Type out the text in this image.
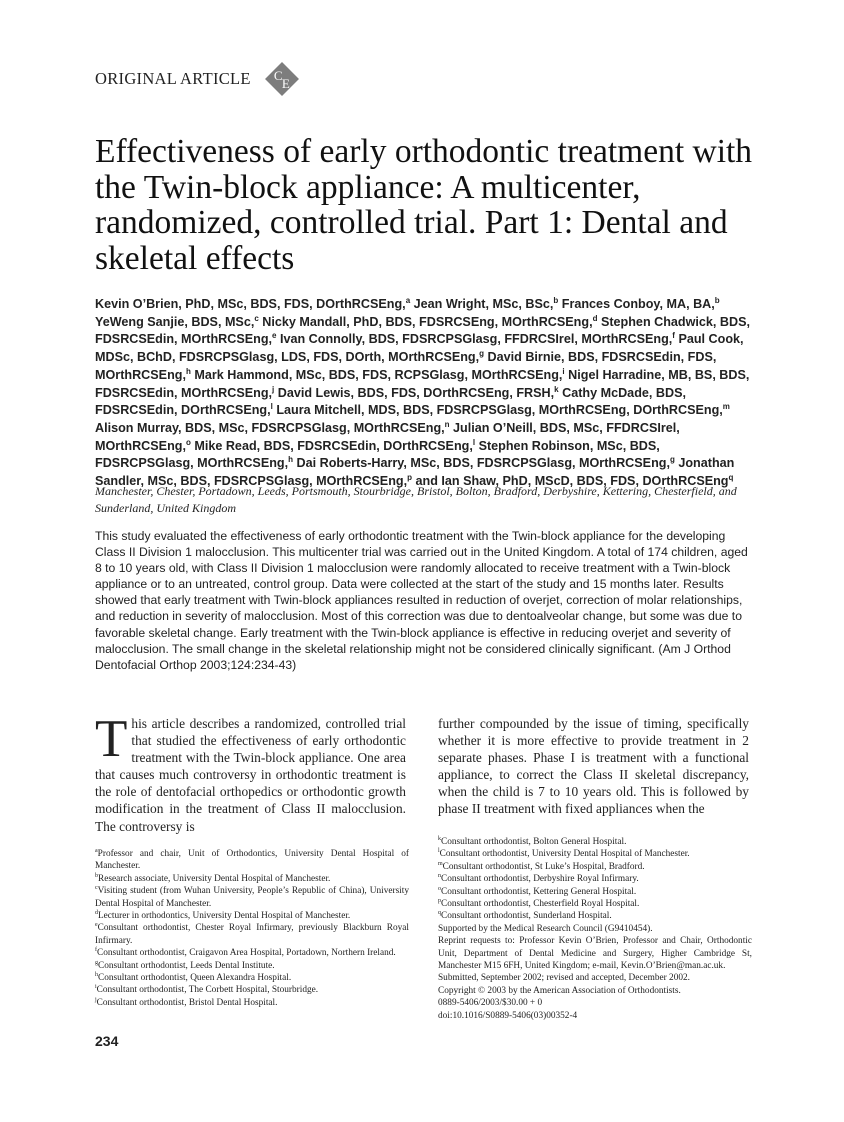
ORIGINAL ARTICLE C
E
Effectiveness of early orthodontic treatment with the Twin-block appliance: A multicenter, randomized, controlled trial. Part 1: Dental and skeletal effects
Kevin O’Brien, PhD, MSc, BDS, FDS, DOrthRCSEng,$^a$ Jean Wright, MSc, BSc,$^b$ Frances Conboy, MA, BA,$^b$ YeWeng Sanjie, BDS, MSc,$^c$ Nicky Mandall, PhD, BDS, FDSRCSEng, MOrthRCSEng,$^d$ Stephen Chadwick, BDS, FDSRCSEdin, MOrthRCSEng,$^e$ Ivan Connolly, BDS, FDSRCPSGlasg, FFDRCSIrel, MOrthRCSEng,$^f$ Paul Cook, MDSc, BChD, FDSRCPSGlasg, LDS, FDS, DOrth, MOrthRCSEng,$^g$ David Birnie, BDS, FDSRCSEdin, FDS, MOrthRCSEng,$^h$ Mark Hammond, MSc, BDS, FDS, RCPSGlasg, MOrthRCSEng,$^i$ Nigel Harradine, MB, BS, BDS, FDSRCSEdin, MOrthRCSEng,$^j$ David Lewis, BDS, FDS, DOrthRCSEng, FRSH,$^k$ Cathy McDade, BDS, FDSRCSEdin, DOrthRCSEng,$^l$ Laura Mitchell, MDS, BDS, FDSRCPSGlasg, MOrthRCSEng, DOrthRCSEng,$^m$ Alison Murray, BDS, MSc, FDSRCPSGlasg, MOrthRCSEng,$^n$ Julian O’Neill, BDS, MSc, FFDRCSIrel, MOrthRCSEng,$^o$ Mike Read, BDS, FDSRCSEdin, DOrthRCSEng,$^l$ Stephen Robinson, MSc, BDS, FDSRCPSGlasg, MOrthRCSEng,$^h$ Dai Roberts-Harry, MSc, BDS, FDSRCPSGlasg, MOrthRCSEng,$^g$ Jonathan Sandler, MSc, BDS, FDSRCPSGlasg, MOrthRCSEng,$^p$ and Ian Shaw, PhD, MScD, BDS, FDS, DOrthRCSEng$^q$
Manchester, Chester, Portadown, Leeds, Portsmouth, Stourbridge, Bristol, Bolton, Bradford, Derbyshire, Kettering, Chesterfield, and Sunderland, United Kingdom
This study evaluated the effectiveness of early orthodontic treatment with the Twin-block appliance for the developing Class II Division 1 malocclusion. This multicenter trial was carried out in the United Kingdom. A total of 174 children, aged 8 to 10 years old, with Class II Division 1 malocclusion were randomly allocated to receive treatment with a Twin-block appliance or to an untreated, control group. Data were collected at the start of the study and 15 months later. Results showed that early treatment with Twin-block appliances resulted in reduction of overjet, correction of molar relationships, and reduction in severity of malocclusion. Most of this correction was due to dentoalveolar change, but some was due to favorable skeletal change. Early treatment with the Twin-block appliance is effective in reducing overjet and severity of malocclusion. The small change in the skeletal relationship might not be considered clinically significant. (Am J Orthod Dentofacial Orthop 2003;124:234-43)
This article describes a randomized, controlled trial that studied the effectiveness of early orthodontic treatment with the Twin-block appliance. One area that causes much controversy in orthodontic treatment is the role of dentofacial orthopedics or orthodontic growth modification in the treatment of Class II malocclusion. The controversy is
further compounded by the issue of timing, specifically whether it is more effective to provide treatment in 2 separate phases. Phase I is treatment with a functional appliance, to correct the Class II skeletal discrepancy, when the child is 7 to 10 years old. This is followed by phase II treatment with fixed appliances when the

$^a$Professor and chair, Unit of Orthodontics, University Dental Hospital of Manchester.

$^b$Research associate, University Dental Hospital of Manchester.

$^c$Visiting student (from Wuhan University, People’s Republic of China), University Dental Hospital of Manchester.

$^d$Lecturer in orthodontics, University Dental Hospital of Manchester.

$^e$Consultant orthodontist, Chester Royal Infirmary, previously Blackburn Royal Infirmary.

$^f$Consultant orthodontist, Craigavon Area Hospital, Portadown, Northern Ireland.

$^g$Consultant orthodontist, Leeds Dental Institute.

$^h$Consultant orthodontist, Queen Alexandra Hospital.

$^i$Consultant orthodontist, The Corbett Hospital, Stourbridge.

$^j$Consultant orthodontist, Bristol Dental Hospital.

$^k$Consultant orthodontist, Bolton General Hospital.

$^l$Consultant orthodontist, University Dental Hospital of Manchester.

$^m$Consultant orthodontist, St Luke’s Hospital, Bradford.

$^n$Consultant orthodontist, Derbyshire Royal Infirmary.

$^o$Consultant orthodontist, Kettering General Hospital.

$^p$Consultant orthodontist, Chesterfield Royal Hospital.

$^q$Consultant orthodontist, Sunderland Hospital.

Supported by the Medical Research Council (G9410454).

Reprint requests to: Professor Kevin O’Brien, Professor and Chair, Orthodontic Unit, Department of Dental Medicine and Surgery, Higher Cambridge St, Manchester M15 6FH, United Kingdom; e-mail, Kevin.O’Brien@man.ac.uk.

Submitted, September 2002; revised and accepted, December 2002.

Copyright © 2003 by the American Association of Orthodontists.

0889-5406/2003/$30.00 + 0

doi:10.1016/S0889-5406(03)00352-4

234
